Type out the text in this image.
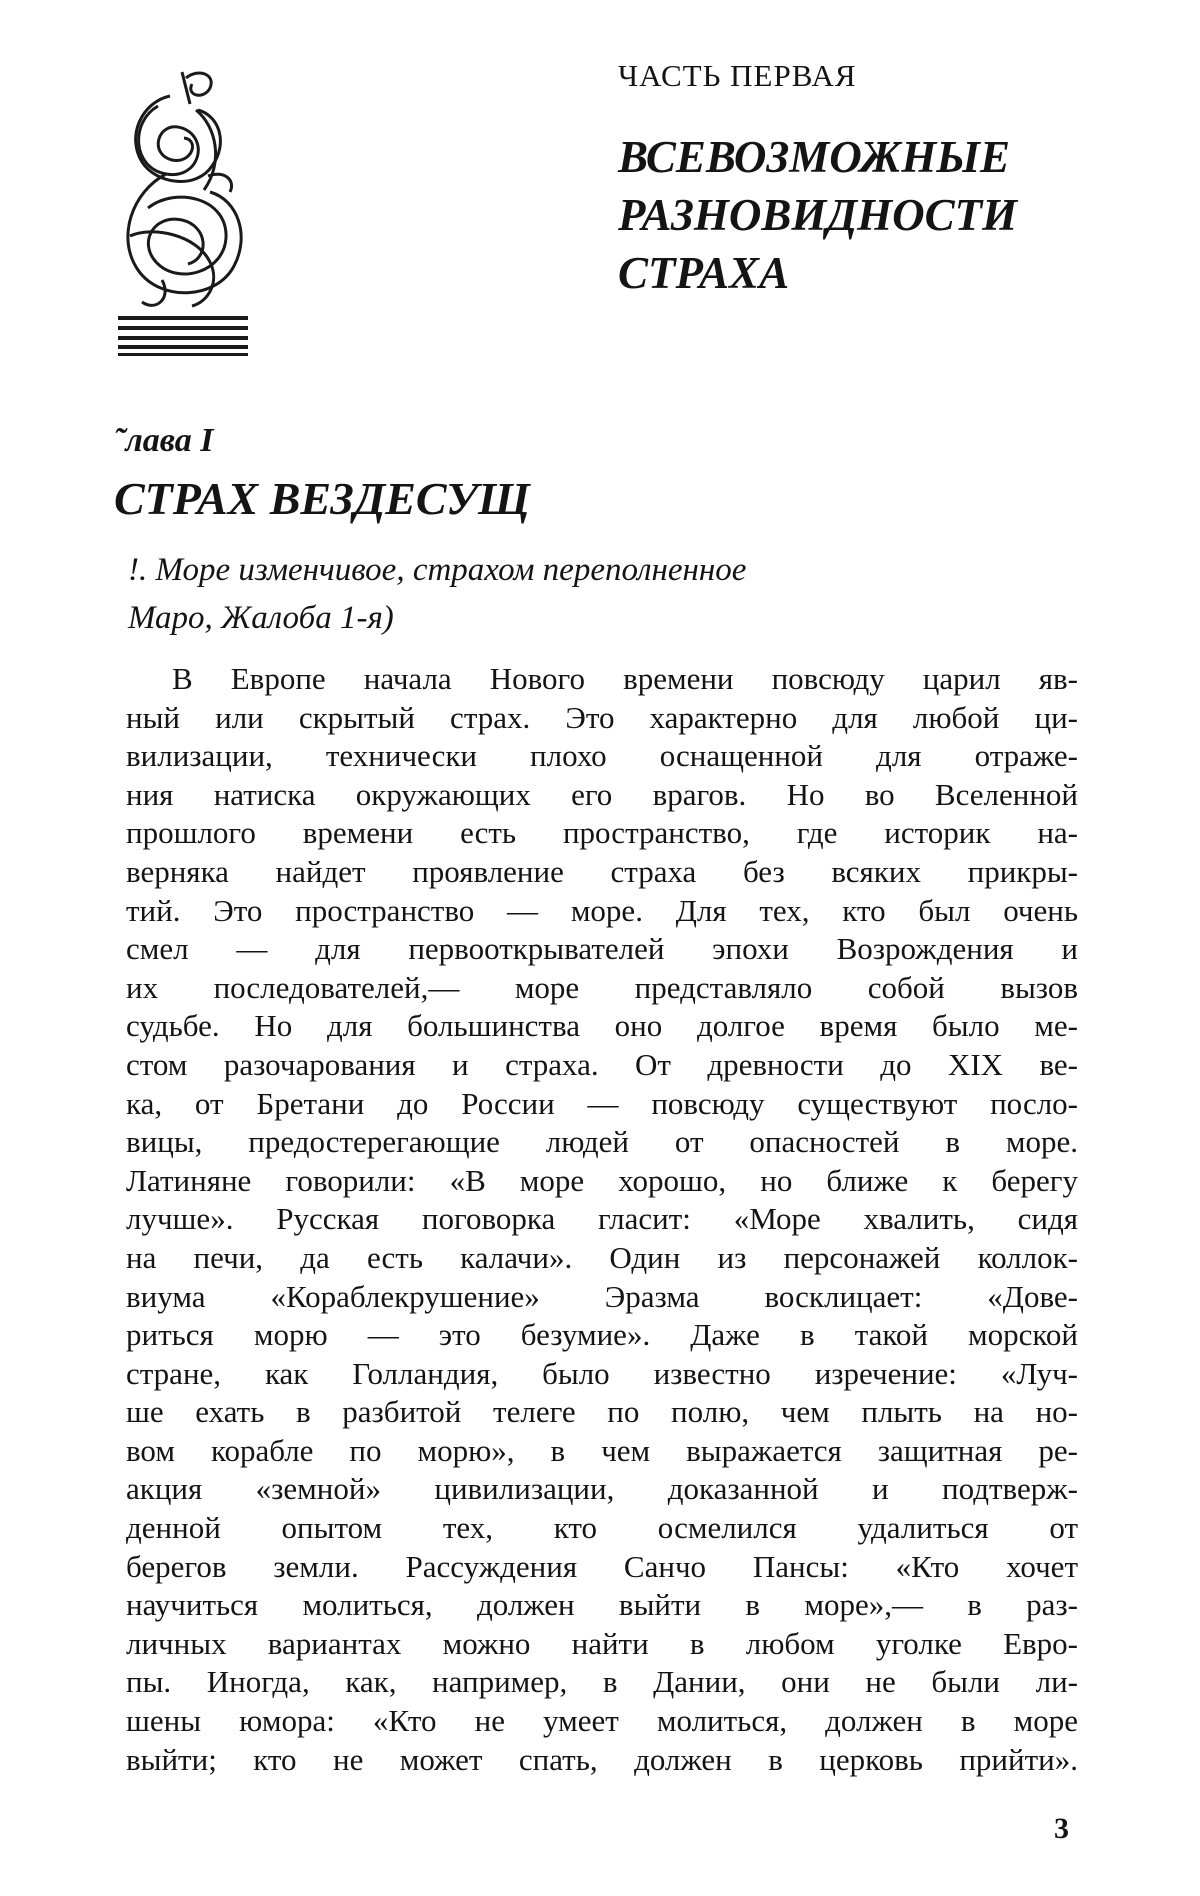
ЧАСТЬ ПЕРВАЯ
ВСЕВОЗМОЖНЫЕ
РАЗНОВИДНОСТИ
СТРАХА
˜лава I
СТРАХ ВЕЗДЕСУЩ
!. Море изменчивое, страхом переполненное
Маро, Жалоба 1-я)
В Европе начала Нового времени повсюду царил яв-
ный или скрытый страх. Это характерно для любой ци-
вилизации, технически плохо оснащенной для отраже-
ния натиска окружающих его врагов. Но во Вселенной
прошлого времени есть пространство, где историк на-
верняка найдет проявление страха без всяких прикры-
тий. Это пространство — море. Для тех, кто был очень
смел — для первооткрывателей эпохи Возрождения и
их последователей,— море представляло собой вызов
судьбе. Но для большинства оно долгое время было ме-
стом разочарования и страха. От древности до XIX ве-
ка, от Бретани до России — повсюду существуют посло-
вицы, предостерегающие людей от опасностей в море.
Латиняне говорили: «В море хорошо, но ближе к берегу
лучше». Русская поговорка гласит: «Море хвалить, сидя
на печи, да есть калачи». Один из персонажей коллок-
виума «Кораблекрушение» Эразма восклицает: «Дове-
риться морю — это безумие». Даже в такой морской
стране, как Голландия, было известно изречение: «Луч-
ше ехать в разбитой телеге по полю, чем плыть на но-
вом корабле по морю», в чем выражается защитная ре-
акция «земной» цивилизации, доказанной и подтверж-
денной опытом тех, кто осмелился удалиться от
берегов земли. Рассуждения Санчо Пансы: «Кто хочет
научиться молиться, должен выйти в море»,— в раз-
личных вариантах можно найти в любом уголке Евро-
пы. Иногда, как, например, в Дании, они не были ли-
шены юмора: «Кто не умеет молиться, должен в море
выйти; кто не может спать, должен в церковь прийти».
3
